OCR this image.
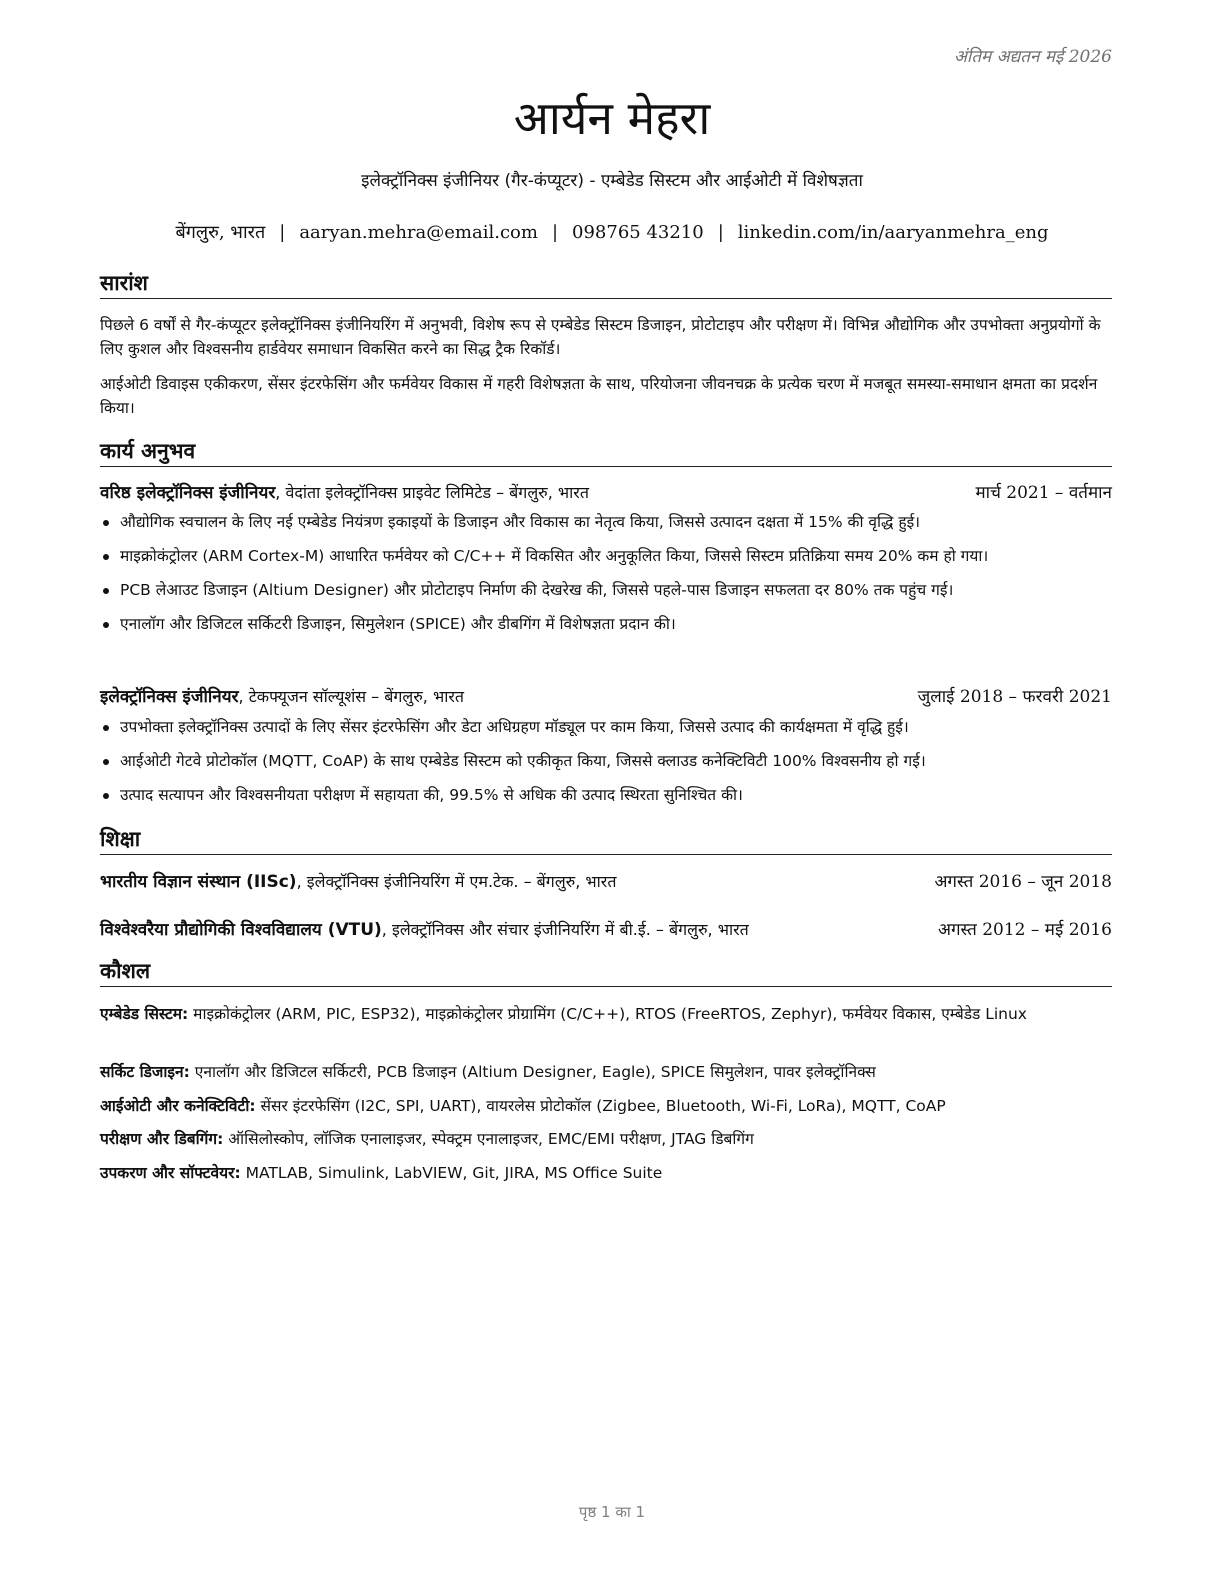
अंतिम अद्यतन मई 2026
आर्यन मेहरा
इलेक्ट्रॉनिक्स इंजीनियर (गैर-कंप्यूटर) - एम्बेडेड सिस्टम और आईओटी में विशेषज्ञता
बेंगलुरु, भारत | aaryan.mehra@email.com | 098765 43210 | linkedin.com/in/aaryanmehra_eng
सारांश
पिछले 6 वर्षों से गैर-कंप्यूटर इलेक्ट्रॉनिक्स इंजीनियरिंग में अनुभवी, विशेष रूप से एम्बेडेड सिस्टम डिजाइन, प्रोटोटाइप और परीक्षण में। विभिन्न औद्योगिक और उपभोक्ता अनुप्रयोगों के लिए कुशल और विश्वसनीय हार्डवेयर समाधान विकसित करने का सिद्ध ट्रैक रिकॉर्ड।
आईओटी डिवाइस एकीकरण, सेंसर इंटरफेसिंग और फर्मवेयर विकास में गहरी विशेषज्ञता के साथ, परियोजना जीवनचक्र के प्रत्येक चरण में मजबूत समस्या-समाधान क्षमता का प्रदर्शन किया।
कार्य अनुभव
वरिष्ठ इलेक्ट्रॉनिक्स इंजीनियर, वेदांता इलेक्ट्रॉनिक्स प्राइवेट लिमिटेड – बेंगलुरु, भारत	मार्च 2021 – वर्तमान
औद्योगिक स्वचालन के लिए नई एम्बेडेड नियंत्रण इकाइयों के डिजाइन और विकास का नेतृत्व किया, जिससे उत्पादन दक्षता में 15% की वृद्धि हुई।
माइक्रोकंट्रोलर (ARM Cortex-M) आधारित फर्मवेयर को C/C++ में विकसित और अनुकूलित किया, जिससे सिस्टम प्रतिक्रिया समय 20% कम हो गया।
PCB लेआउट डिजाइन (Altium Designer) और प्रोटोटाइप निर्माण की देखरेख की, जिससे पहले-पास डिजाइन सफलता दर 80% तक पहुंच गई।
एनालॉग और डिजिटल सर्किटरी डिजाइन, सिमुलेशन (SPICE) और डीबगिंग में विशेषज्ञता प्रदान की।
इलेक्ट्रॉनिक्स इंजीनियर, टेकफ्यूजन सॉल्यूशंस – बेंगलुरु, भारत	जुलाई 2018 – फरवरी 2021
उपभोक्ता इलेक्ट्रॉनिक्स उत्पादों के लिए सेंसर इंटरफेसिंग और डेटा अधिग्रहण मॉड्यूल पर काम किया, जिससे उत्पाद की कार्यक्षमता में वृद्धि हुई।
आईओटी गेटवे प्रोटोकॉल (MQTT, CoAP) के साथ एम्बेडेड सिस्टम को एकीकृत किया, जिससे क्लाउड कनेक्टिविटी 100% विश्वसनीय हो गई।
उत्पाद सत्यापन और विश्वसनीयता परीक्षण में सहायता की, 99.5% से अधिक की उत्पाद स्थिरता सुनिश्चित की।
शिक्षा
भारतीय विज्ञान संस्थान (IISc), इलेक्ट्रॉनिक्स इंजीनियरिंग में एम.टेक. – बेंगलुरु, भारत	अगस्त 2016 – जून 2018
विश्वेश्वरैया प्रौद्योगिकी विश्वविद्यालय (VTU), इलेक्ट्रॉनिक्स और संचार इंजीनियरिंग में बी.ई. – बेंगलुरु, भारत	अगस्त 2012 – मई 2016
कौशल
एम्बेडेड सिस्टम: माइक्रोकंट्रोलर (ARM, PIC, ESP32), माइक्रोकंट्रोलर प्रोग्रामिंग (C/C++), RTOS (FreeRTOS, Zephyr), फर्मवेयर विकास, एम्बेडेड Linux
सर्किट डिजाइन: एनालॉग और डिजिटल सर्किटरी, PCB डिजाइन (Altium Designer, Eagle), SPICE सिमुलेशन, पावर इलेक्ट्रॉनिक्स
आईओटी और कनेक्टिविटी: सेंसर इंटरफेसिंग (I2C, SPI, UART), वायरलेस प्रोटोकॉल (Zigbee, Bluetooth, Wi-Fi, LoRa), MQTT, CoAP
परीक्षण और डिबगिंग: ऑसिलोस्कोप, लॉजिक एनालाइजर, स्पेक्ट्रम एनालाइजर, EMC/EMI परीक्षण, JTAG डिबगिंग
उपकरण और सॉफ्टवेयर: MATLAB, Simulink, LabVIEW, Git, JIRA, MS Office Suite
पृष्ठ 1 का 1
